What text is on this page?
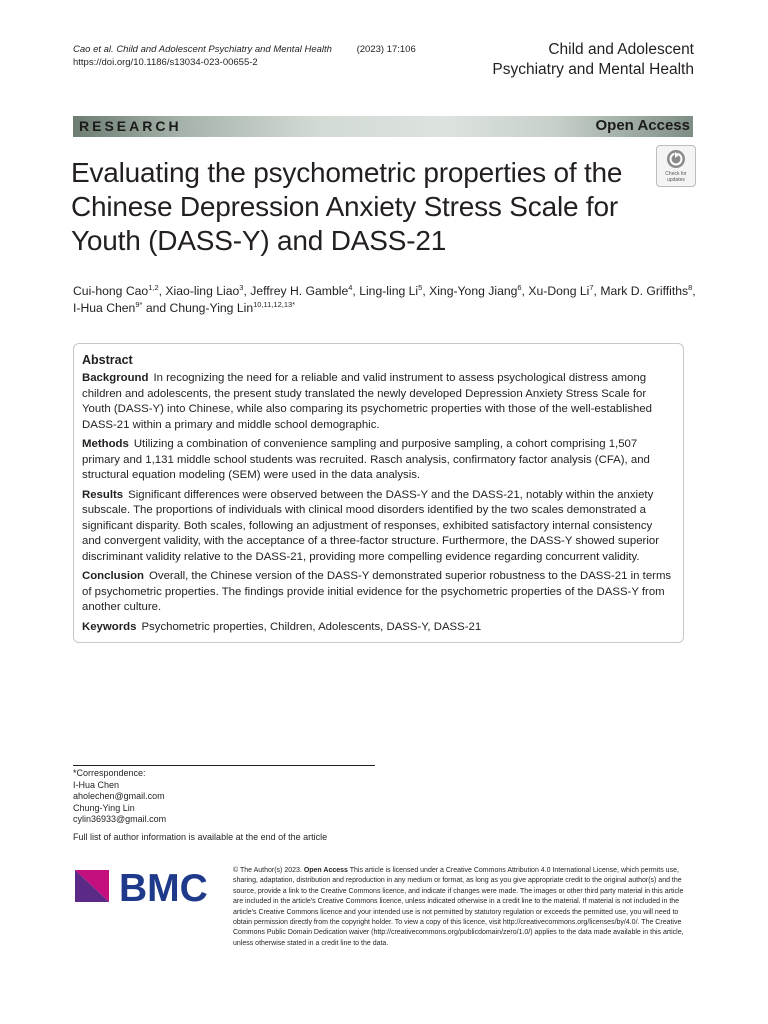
Cao et al. Child and Adolescent Psychiatry and Mental Health	(2023) 17:106
https://doi.org/10.1186/s13034-023-00655-2
Child and Adolescent
Psychiatry and Mental Health
RESEARCH	Open Access
Evaluating the psychometric properties of the Chinese Depression Anxiety Stress Scale for Youth (DASS-Y) and DASS-21
Check for
updates
Cui-hong Cao$^{1,2}$, Xiao-ling Liao$^3$, Jeffrey H. Gamble$^4$, Ling-ling Li$^5$, Xing-Yong Jiang$^6$, Xu-Dong Li$^7$, Mark D. Griffiths$^8$, I-Hua Chen$^{9*}$ and Chung-Ying Lin$^{10,11,12,13*}$
Abstract

Background In recognizing the need for a reliable and valid instrument to assess psychological distress among children and adolescents, the present study translated the newly developed Depression Anxiety Stress Scale for Youth (DASS-Y) into Chinese, while also comparing its psychometric properties with those of the well-established DASS-21 within a primary and middle school demographic.

Methods Utilizing a combination of convenience sampling and purposive sampling, a cohort comprising 1,507 primary and 1,131 middle school students was recruited. Rasch analysis, confirmatory factor analysis (CFA), and structural equation modeling (SEM) were used in the data analysis.

Results Significant differences were observed between the DASS-Y and the DASS-21, notably within the anxiety subscale. The proportions of individuals with clinical mood disorders identified by the two scales demonstrated a significant disparity. Both scales, following an adjustment of responses, exhibited satisfactory internal consistency and convergent validity, with the acceptance of a three-factor structure. Furthermore, the DASS-Y showed superior discriminant validity relative to the DASS-21, providing more compelling evidence regarding concurrent validity.

Conclusion Overall, the Chinese version of the DASS-Y demonstrated superior robustness to the DASS-21 in terms of psychometric properties. The findings provide initial evidence for the psychometric properties of the DASS-Y from another culture.

Keywords Psychometric properties, Children, Adolescents, DASS-Y, DASS-21

*Correspondence:
I-Hua Chen
aholechen@gmail.com
Chung-Ying Lin
cylin36933@gmail.com
Full list of author information is available at the end of the article
BMC	© The Author(s) 2023. Open Access This article is licensed under a Creative Commons Attribution 4.0 International License, which permits use, sharing, adaptation, distribution and reproduction in any medium or format, as long as you give appropriate credit to the original author(s) and the source, provide a link to the Creative Commons licence, and indicate if changes were made. The images or other third party material in this article are included in the article's Creative Commons licence, unless indicated otherwise in a credit line to the material. If material is not included in the article's Creative Commons licence and your intended use is not permitted by statutory regulation or exceeds the permitted use, you will need to obtain permission directly from the copyright holder. To view a copy of this licence, visit http://creativecommons.org/licenses/by/4.0/. The Creative Commons Public Domain Dedication waiver (http://creativecommons.org/publicdomain/zero/1.0/) applies to the data made available in this article, unless otherwise stated in a credit line to the data.
